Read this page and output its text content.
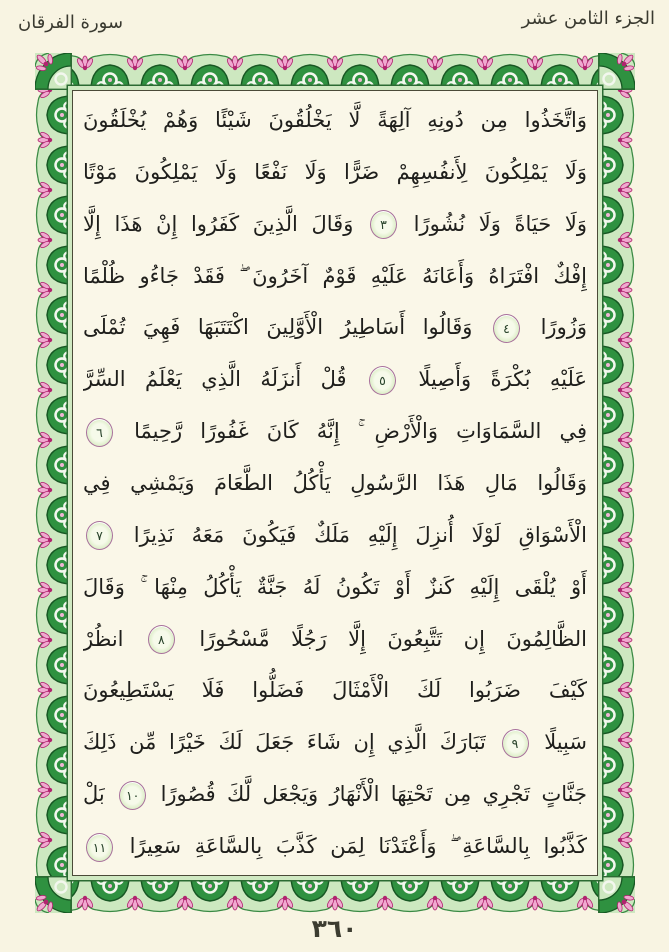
الجزء الثامن عشر
سورة الفرقان
وَاتَّخَذُوا مِن دُونِهِ آلِهَةً لَّا يَخْلُقُونَ شَيْئًا وَهُمْ يُخْلَقُونَ
وَلَا يَمْلِكُونَ لِأَنفُسِهِمْ ضَرًّا وَلَا نَفْعًا وَلَا يَمْلِكُونَ مَوْتًا
وَلَا حَيَاةً وَلَا نُشُورًا ٣ وَقَالَ الَّذِينَ كَفَرُوا إِنْ هَذَا إِلَّا
إِفْكٌ افْتَرَاهُ وَأَعَانَهُ عَلَيْهِ قَوْمٌ آخَرُونَ ۖ فَقَدْ جَاءُو ظُلْمًا
وَزُورًا ٤ وَقَالُوا أَسَاطِيرُ الْأَوَّلِينَ اكْتَتَبَهَا فَهِيَ تُمْلَى
عَلَيْهِ بُكْرَةً وَأَصِيلًا ٥ قُلْ أَنزَلَهُ الَّذِي يَعْلَمُ السِّرَّ
فِي السَّمَاوَاتِ وَالْأَرْضِ ۚ إِنَّهُ كَانَ غَفُورًا رَّحِيمًا ٦
وَقَالُوا مَالِ هَذَا الرَّسُولِ يَأْكُلُ الطَّعَامَ وَيَمْشِي فِي
الْأَسْوَاقِ لَوْلَا أُنزِلَ إِلَيْهِ مَلَكٌ فَيَكُونَ مَعَهُ نَذِيرًا ٧
أَوْ يُلْقَى إِلَيْهِ كَنزٌ أَوْ تَكُونُ لَهُ جَنَّةٌ يَأْكُلُ مِنْهَا ۚ وَقَالَ
الظَّالِمُونَ إِن تَتَّبِعُونَ إِلَّا رَجُلًا مَّسْحُورًا ٨ انظُرْ
كَيْفَ ضَرَبُوا لَكَ الْأَمْثَالَ فَضَلُّوا فَلَا يَسْتَطِيعُونَ
سَبِيلًا ٩ تَبَارَكَ الَّذِي إِن شَاءَ جَعَلَ لَكَ خَيْرًا مِّن ذَلِكَ
جَنَّاتٍ تَجْرِي مِن تَحْتِهَا الْأَنْهَارُ وَيَجْعَل لَّكَ قُصُورًا ١٠ بَلْ
كَذَّبُوا بِالسَّاعَةِ ۖ وَأَعْتَدْنَا لِمَن كَذَّبَ بِالسَّاعَةِ سَعِيرًا ١١
٣٦٠
